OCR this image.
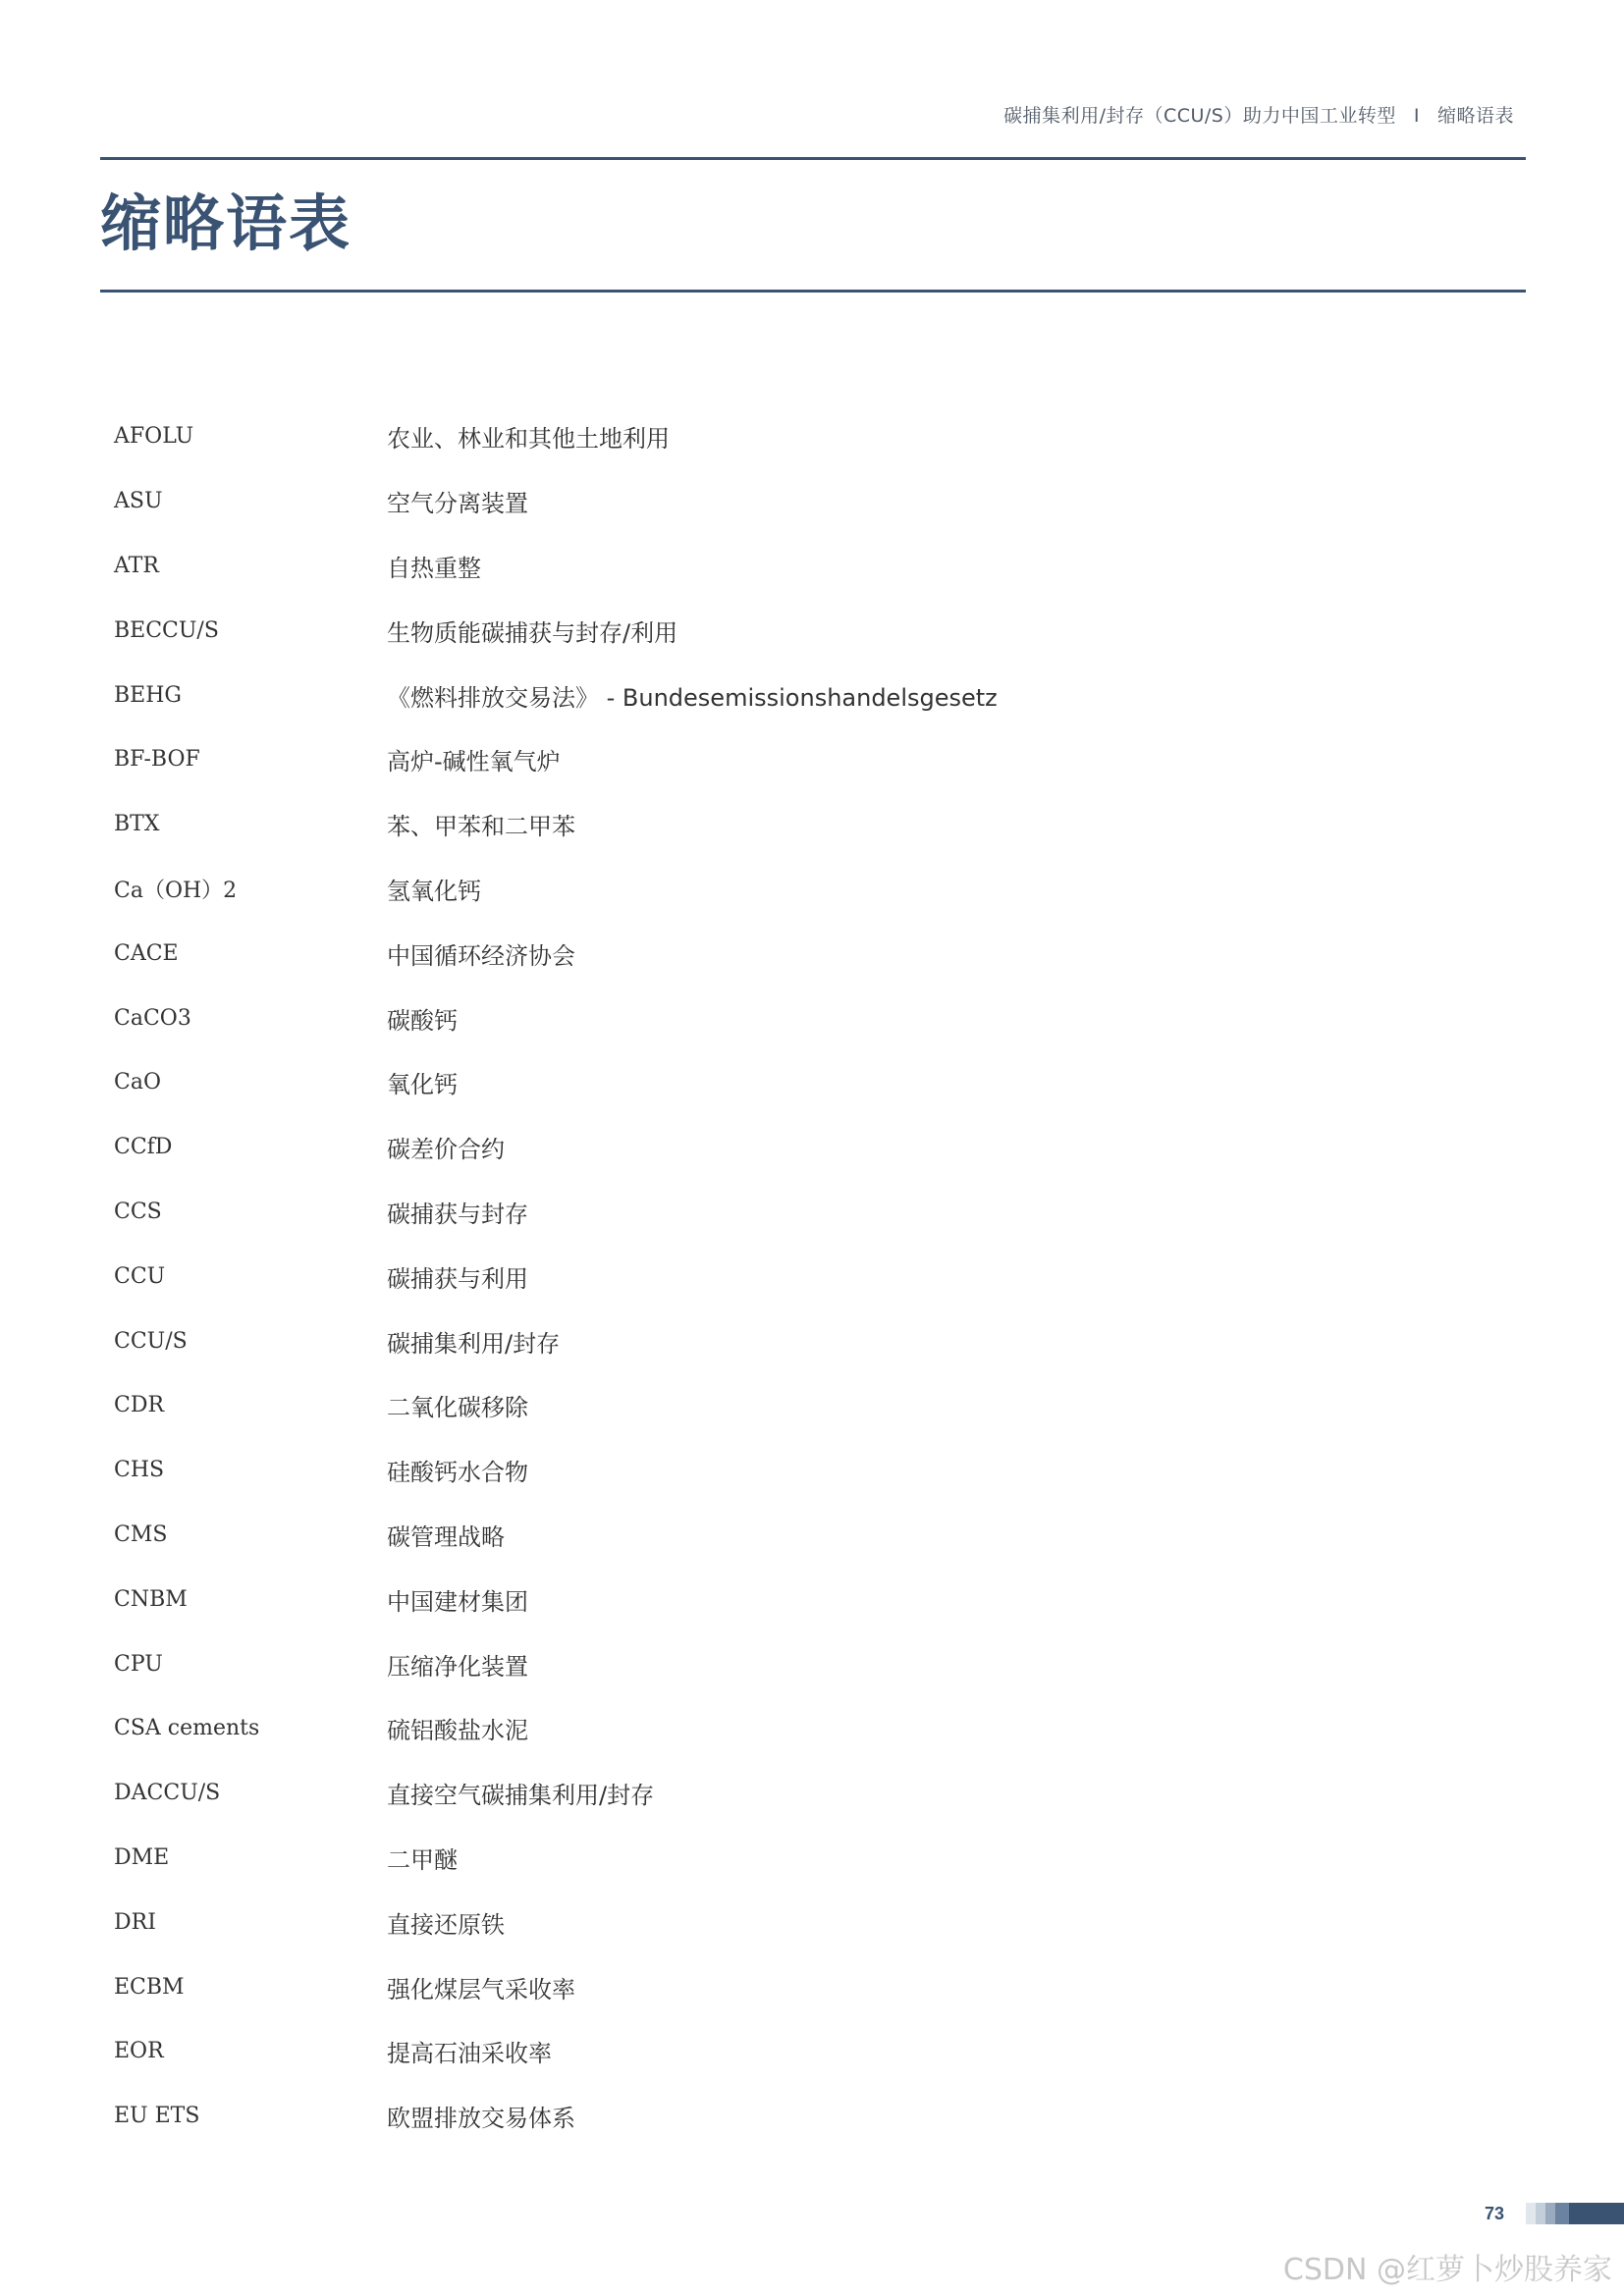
碳捕集利用/封存（CCU/S）助力中国工业转型 I 缩略语表
缩略语表
AFOLU	农业、林业和其他土地利用
ASU	空气分离装置
ATR	自热重整
BECCU/S	生物质能碳捕获与封存/利用
BEHG	《燃料排放交易法》 - Bundesemissionshandelsgesetz
BF-BOF	高炉-碱性氧气炉
BTX	苯、甲苯和二甲苯
Ca（OH）2	氢氧化钙
CACE	中国循环经济协会
CaCO3	碳酸钙
CaO	氧化钙
CCfD	碳差价合约
CCS	碳捕获与封存
CCU	碳捕获与利用
CCU/S	碳捕集利用/封存
CDR	二氧化碳移除
CHS	硅酸钙水合物
CMS	碳管理战略
CNBM	中国建材集团
CPU	压缩净化装置
CSA cements	硫铝酸盐水泥
DACCU/S	直接空气碳捕集利用/封存
DME	二甲醚
DRI	直接还原铁
ECBM	强化煤层气采收率
EOR	提高石油采收率
EU ETS	欧盟排放交易体系
73
CSDN @红萝卜炒股养家
